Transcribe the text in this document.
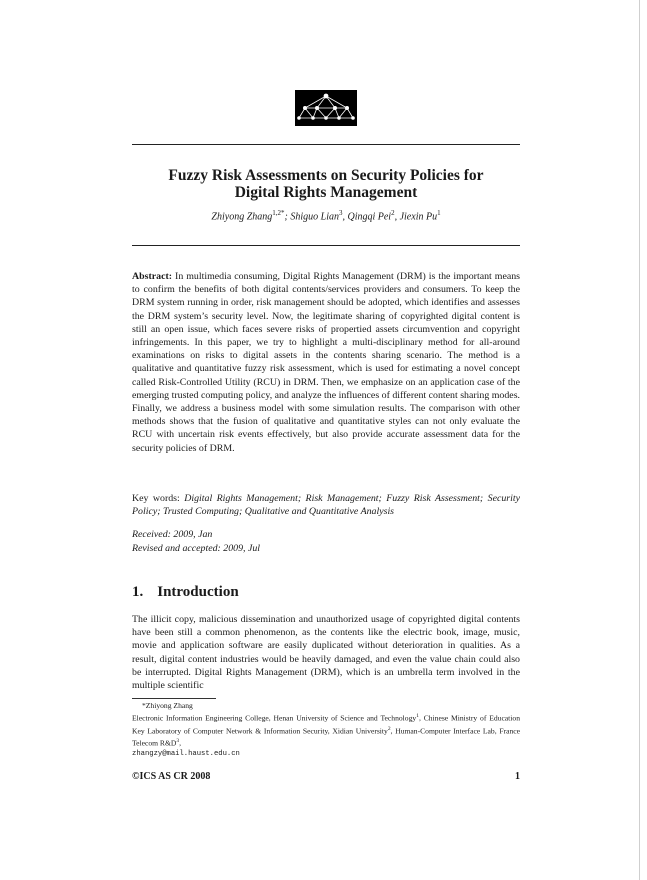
Fuzzy Risk Assessments on Security Policies for
Digital Rights Management
Zhiyong Zhang$^{1,2*}$; Shiguo Lian$^3$, Qingqi Pei$^2$, Jiexin Pu$^1$
Abstract: In multimedia consuming, Digital Rights Management (DRM) is the important means to confirm the benefits of both digital contents/services providers and consumers. To keep the DRM system running in order, risk management should be adopted, which identifies and assesses the DRM system’s security level. Now, the legitimate sharing of copyrighted digital content is still an open issue, which faces severe risks of propertied assets circumvention and copyright infringements. In this paper, we try to highlight a multi-disciplinary method for all-around examinations on risks to digital assets in the contents sharing scenario. The method is a qualitative and quantitative fuzzy risk assessment, which is used for estimating a novel concept called Risk-Controlled Utility (RCU) in DRM. Then, we emphasize on an application case of the emerging trusted computing policy, and analyze the influences of different content sharing modes. Finally, we address a business model with some simulation results. The comparison with other methods shows that the fusion of qualitative and quantitative styles can not only evaluate the RCU with uncertain risk events effectively, but also provide accurate assessment data for the security policies of DRM.
Key words: Digital Rights Management; Risk Management; Fuzzy Risk Assessment; Security Policy; Trusted Computing; Qualitative and Quantitative Analysis
Received: 2009, Jan
Revised and accepted: 2009, Jul
1. Introduction
The illicit copy, malicious dissemination and unauthorized usage of copyrighted digital contents have been still a common phenomenon, as the contents like the electric book, image, music, movie and application software are easily duplicated without deterioration in qualities. As a result, digital content industries would be heavily damaged, and even the value chain could also be interrupted. Digital Rights Management (DRM), which is an umbrella term involved in the multiple scientific
*Zhiyong Zhang
Electronic Information Engineering College, Henan University of Science and Technology$^1$, Chinese Ministry of Education Key Laboratory of Computer Network & Information Security, Xidian University$^2$, Human-Computer Interface Lab, France Telecom $R\&D^3$,
zhangzy@mail.haust.edu.cn
©ICS AS CR 2008	1
